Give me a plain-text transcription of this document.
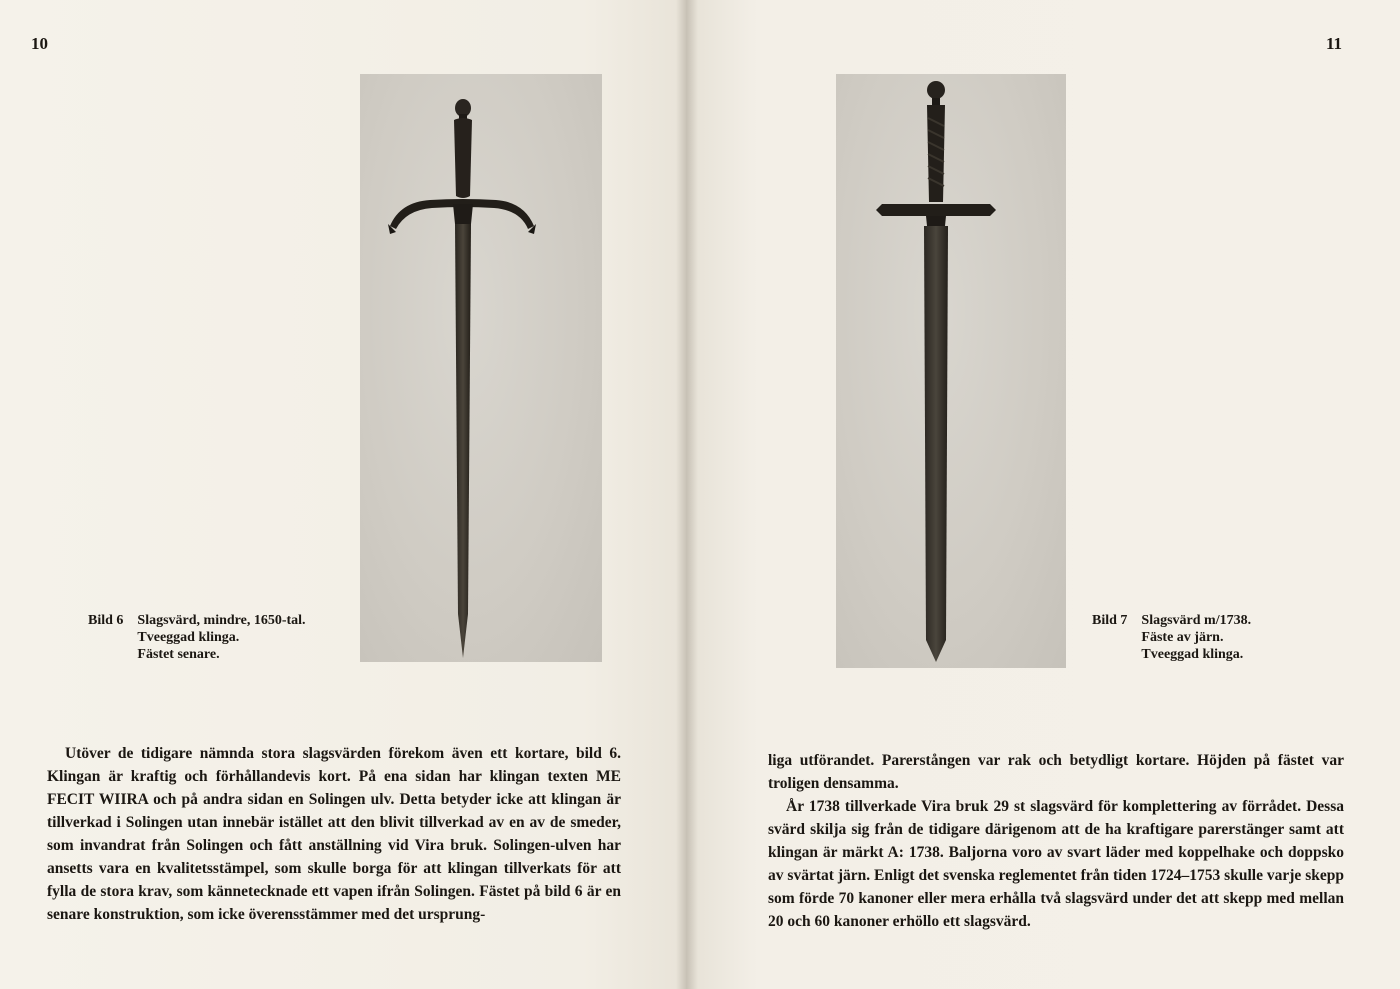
10

Bild 6 Slagsvärd, mindre, 1650-tal.
Tveeggad klinga.
Fästet senare.

Utöver de tidigare nämnda stora slagsvärden förekom även ett kortare, bild 6. Klingan är kraftig och förhållandevis kort. På ena sidan har klingan texten ME FECIT WIIRA och på andra sidan en Solingen ulv. Detta betyder icke att klingan är tillverkad i Solingen utan innebär istället att den blivit tillverkad av en av de smeder, som invandrat från Solingen och fått anställning vid Vira bruk. Solingen-ulven har ansetts vara en kvalitetsstämpel, som skulle borga för att klingan tillverkats för att fylla de stora krav, som kännetecknade ett vapen ifrån Solingen. Fästet på bild 6 är en senare konstruktion, som icke överensstämmer med det ursprung-

11
Bild 7 Slagsvärd m/1738.
Fäste av järn.
Tveeggad klinga.

liga utförandet. Parerstången var rak och betydligt kortare. Höjden på fästet var troligen densamma.

År 1738 tillverkade Vira bruk 29 st slagsvärd för komplettering av förrådet. Dessa svärd skilja sig från de tidigare därigenom att de ha kraftigare parerstänger samt att klingan är märkt A: 1738. Baljorna voro av svart läder med koppelhake och doppsko av svärtat järn. Enligt det svenska reglementet från tiden 1724–1753 skulle varje skepp som förde 70 kanoner eller mera erhålla två slagsvärd under det att skepp med mellan 20 och 60 kanoner erhöllo ett slagsvärd.
